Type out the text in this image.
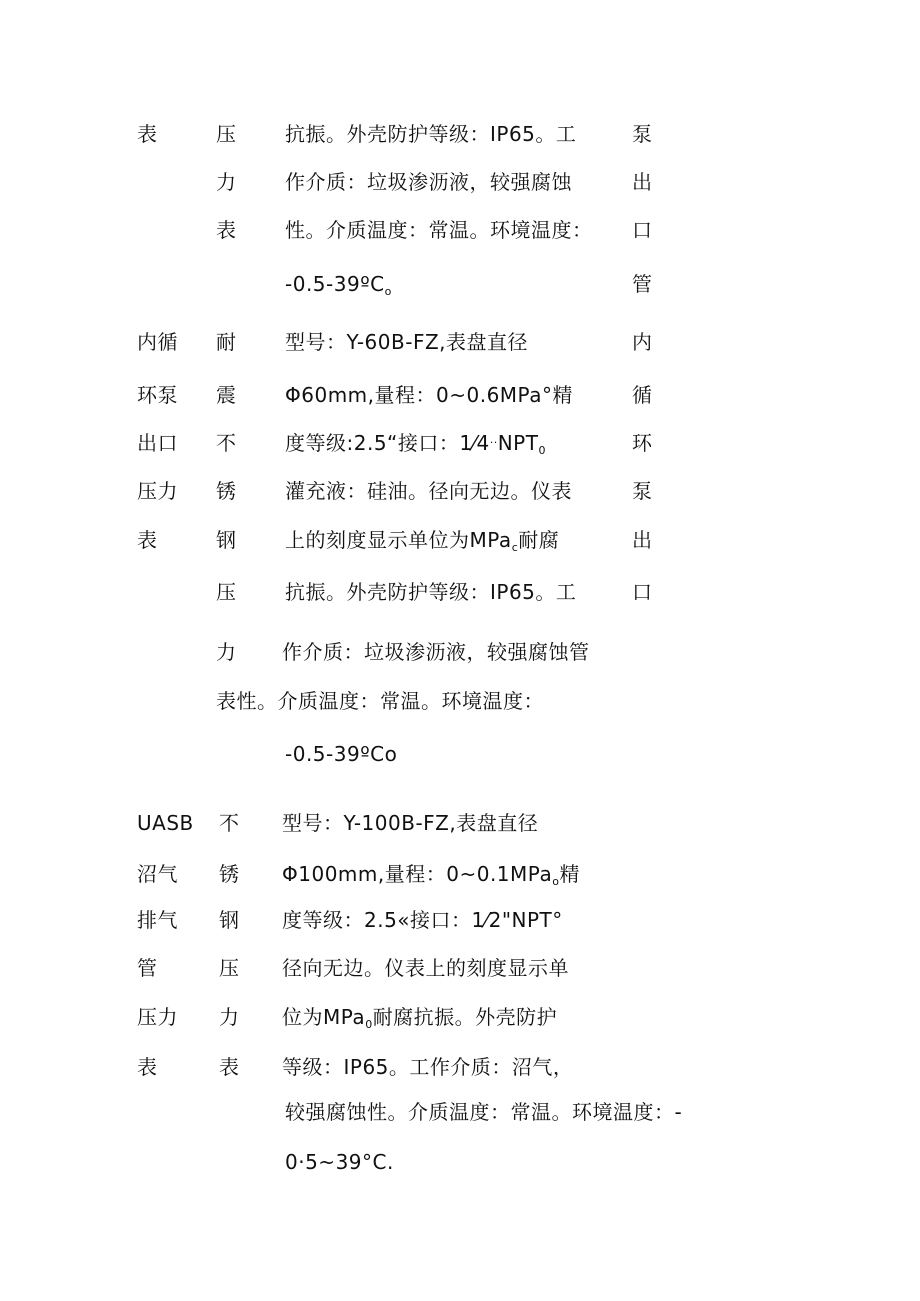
表	压
力
表
抗振。外壳防护等级：IP65。工
作介质：垃圾渗沥液，较强腐蚀
性。介质温度：常温。环境温度：
-0.5-39ºC$_o$
泵
出
口
管
内循
环泵
出口
压力
表
耐
震
不
锈
钢
压
力
表性。介质温度：常温。环境温度：
型号：Y-60B-FZ,表盘直径
Φ60mm,量程：0~0.6MPa°精
度等级:2.5“接口：$1⁄4^{\cdot\cdot}NPT_0$
灌充液：硅油。径向无边。仪表
上的刻度显示单位为MPa$_c$耐腐
抗振。外壳防护等级：IP65。工
作介质：垃圾渗沥液，较强腐蚀管
-0.5-39ºCo
内
循
环
泵
出
口
UASB
沼气
排气
管
压力
表
不
锈
钢
压
力
表
型号：Y-100B-FZ,表盘直径
Φ100mm,量程：0~0.1MPa$_o$精
度等级：2.5«接口：1⁄2"NPT°
径向无边。仪表上的刻度显示单
位为MPa$_0$耐腐抗振。外壳防护
等级：IP65。工作介质：沼气，
较强腐蚀性。介质温度：常温。环境温度：-
0·5~39°C.
